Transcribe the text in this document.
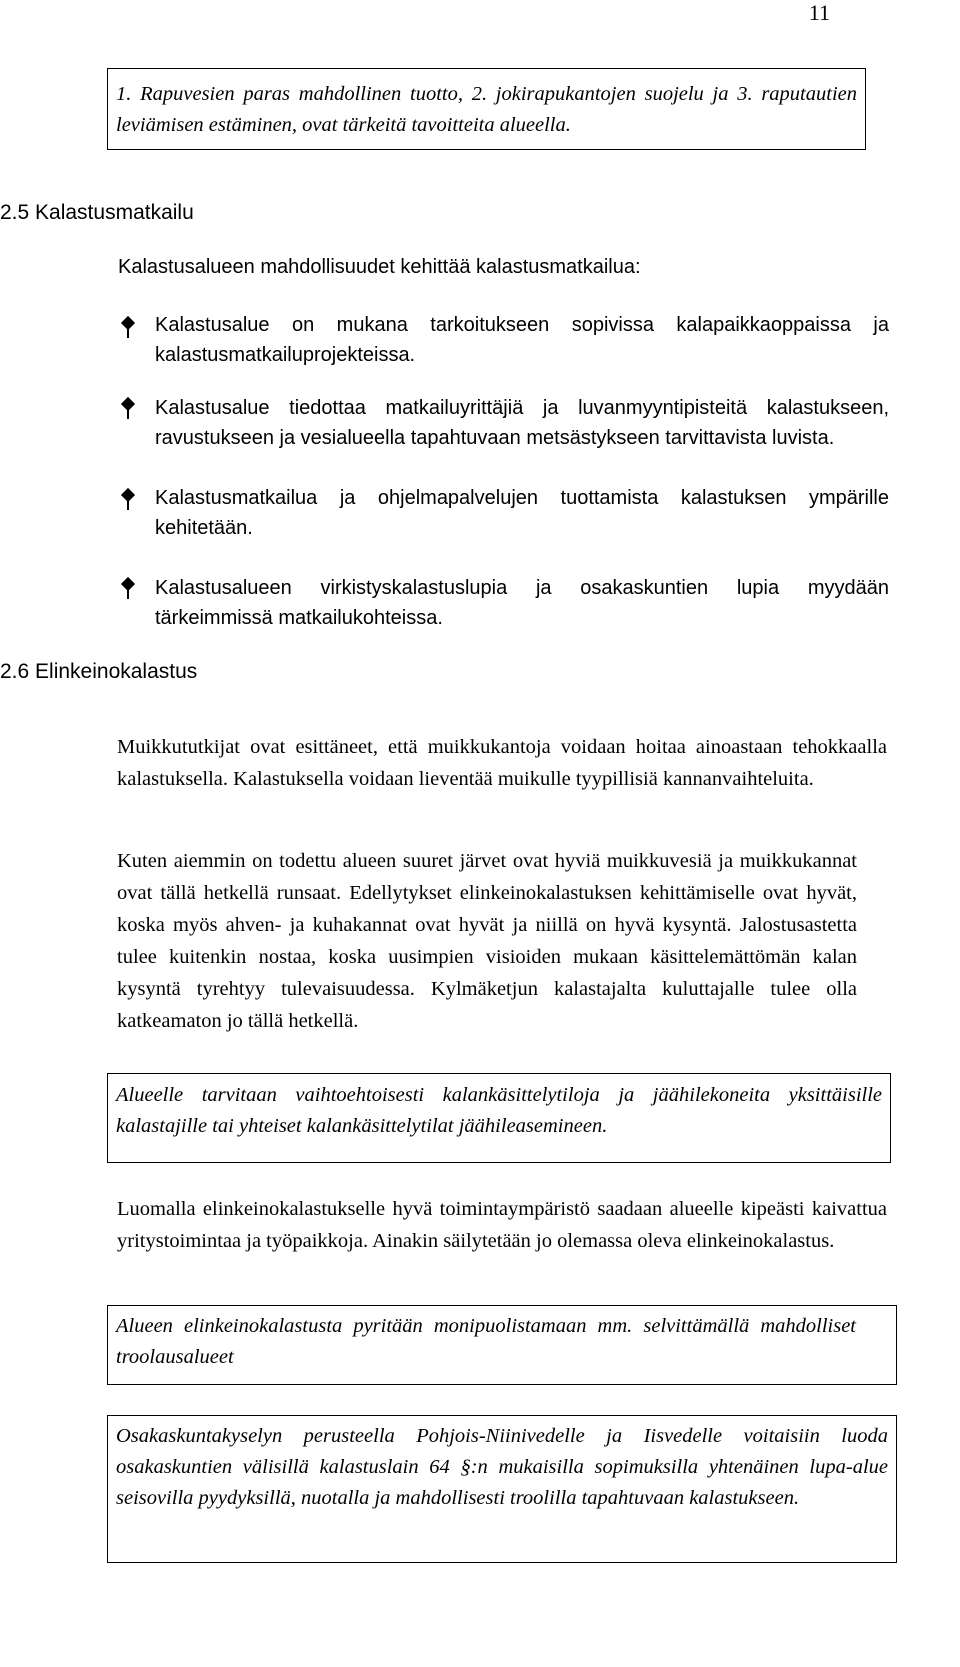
11

1. Rapuvesien paras mahdollinen tuotto, 2. jokirapukantojen suojelu ja 3. raputautien leviämisen estäminen, ovat tärkeitä tavoitteita alueella.

2.5 Kalastusmatkailu

Kalastusalueen mahdollisuudet kehittää kalastusmatkailua:

Kalastusalue on mukana tarkoitukseen sopivissa kalapaikkaoppaissa ja kalastusmatkailuprojekteissa.

Kalastusalue tiedottaa matkailuyrittäjiä ja luvanmyyntipisteitä kalastukseen, ravustukseen ja vesialueella tapahtuvaan metsästykseen tarvittavista luvista.

Kalastusmatkailua ja ohjelmapalvelujen tuottamista kalastuksen ympärille kehitetään.

Kalastusalueen virkistyskalastuslupia ja osakaskuntien lupia myydään tärkeimmissä matkailukohteissa.

2.6 Elinkeinokalastus

Muikkututkijat ovat esittäneet, että muikkukantoja voidaan hoitaa ainoastaan tehokkaalla kalastuksella. Kalastuksella voidaan lieventää muikulle tyypillisiä kannanvaihteluita.

Kuten aiemmin on todettu alueen suuret järvet ovat hyviä muikkuvesiä ja muikkukannat ovat tällä hetkellä runsaat. Edellytykset elinkeinokalastuksen kehittämiselle ovat hyvät, koska myös ahven- ja kuhakannat ovat hyvät ja niillä on hyvä kysyntä. Jalostusastetta tulee kuitenkin nostaa, koska uusimpien visioiden mukaan käsittelemättömän kalan kysyntä tyrehtyy tulevaisuudessa. Kylmäketjun kalastajalta kuluttajalle tulee olla katkeamaton jo tällä hetkellä.

Alueelle tarvitaan vaihtoehtoisesti kalankäsittelytiloja ja jäähilekoneita yksittäisille kalastajille tai yhteiset kalankäsittelytilat jäähileasemineen.

Luomalla elinkeinokalastukselle hyvä toimintaympäristö saadaan alueelle kipeästi kaivattua yritystoimintaa ja työpaikkoja. Ainakin säilytetään jo olemassa oleva elinkeinokalastus.

Alueen elinkeinokalastusta pyritään monipuolistamaan mm. selvittämällä mahdolliset troolausalueet

Osakaskuntakyselyn perusteella Pohjois-Niinivedelle ja Iisvedelle voitaisiin luoda osakaskuntien välisillä kalastuslain 64 §:n mukaisilla sopimuksilla yhtenäinen lupa-alue seisovilla pyydyksillä, nuotalla ja mahdollisesti troolilla tapahtuvaan kalastukseen.
